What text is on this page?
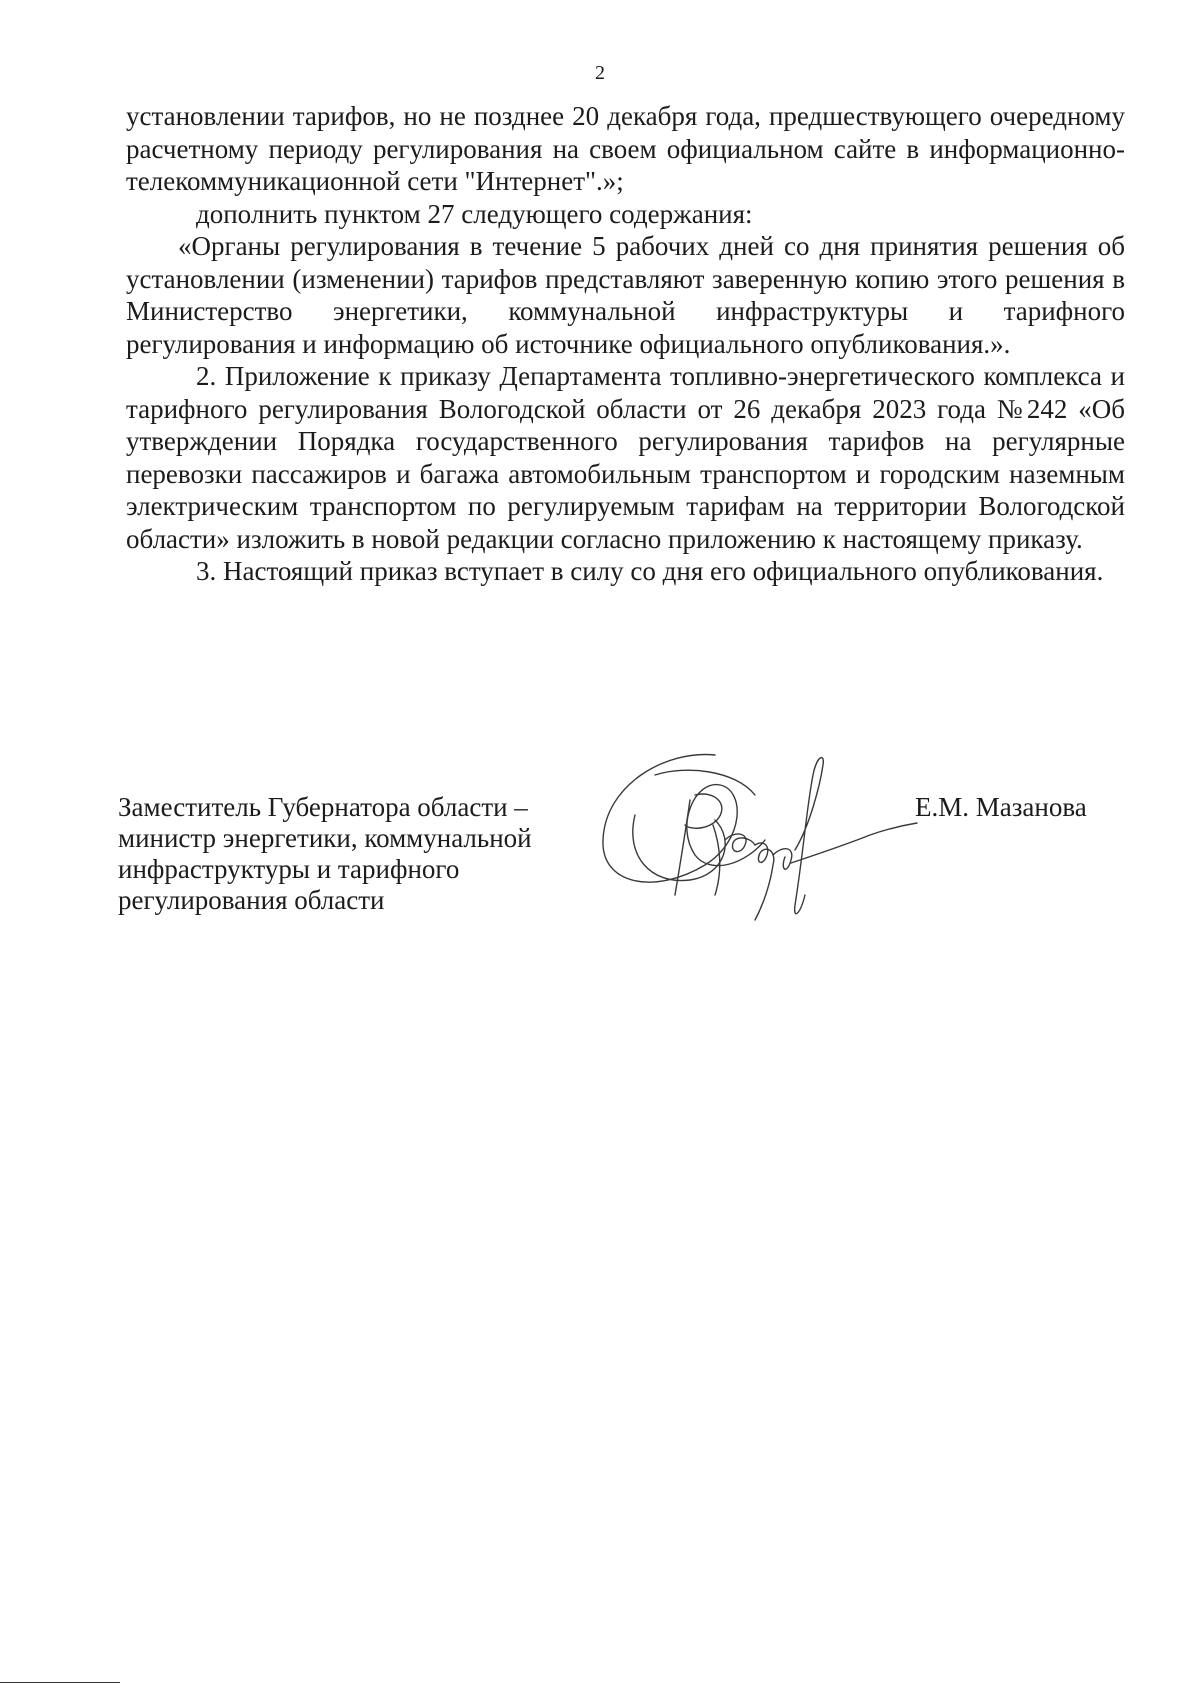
2

установлении тарифов, но не позднее 20 декабря года, предшествующего очередному расчетному периоду регулирования на своем официальном сайте в информационно-телекоммуникационной сети "Интернет".»;

дополнить пунктом 27 следующего содержания:

«Органы регулирования в течение 5 рабочих дней со дня принятия решения об установлении (изменении) тарифов представляют заверенную копию этого решения в Министерство энергетики, коммунальной инфраструктуры и тарифного регулирования и информацию об источнике официального опубликования.».

2. Приложение к приказу Департамента топливно-энергетического комплекса и тарифного регулирования Вологодской области от 26 декабря 2023 года №242 «Об утверждении Порядка государственного регулирования тарифов на регулярные перевозки пассажиров и багажа автомобильным транспортом и городским наземным электрическим транспортом по регулируемым тарифам на территории Вологодской области» изложить в новой редакции согласно приложению к настоящему приказу.

3. Настоящий приказ вступает в силу со дня его официального опубликования.

Заместитель Губернатора области –
министр энергетики, коммунальной
инфраструктуры и тарифного
регулирования области
Е.М. Мазанова
